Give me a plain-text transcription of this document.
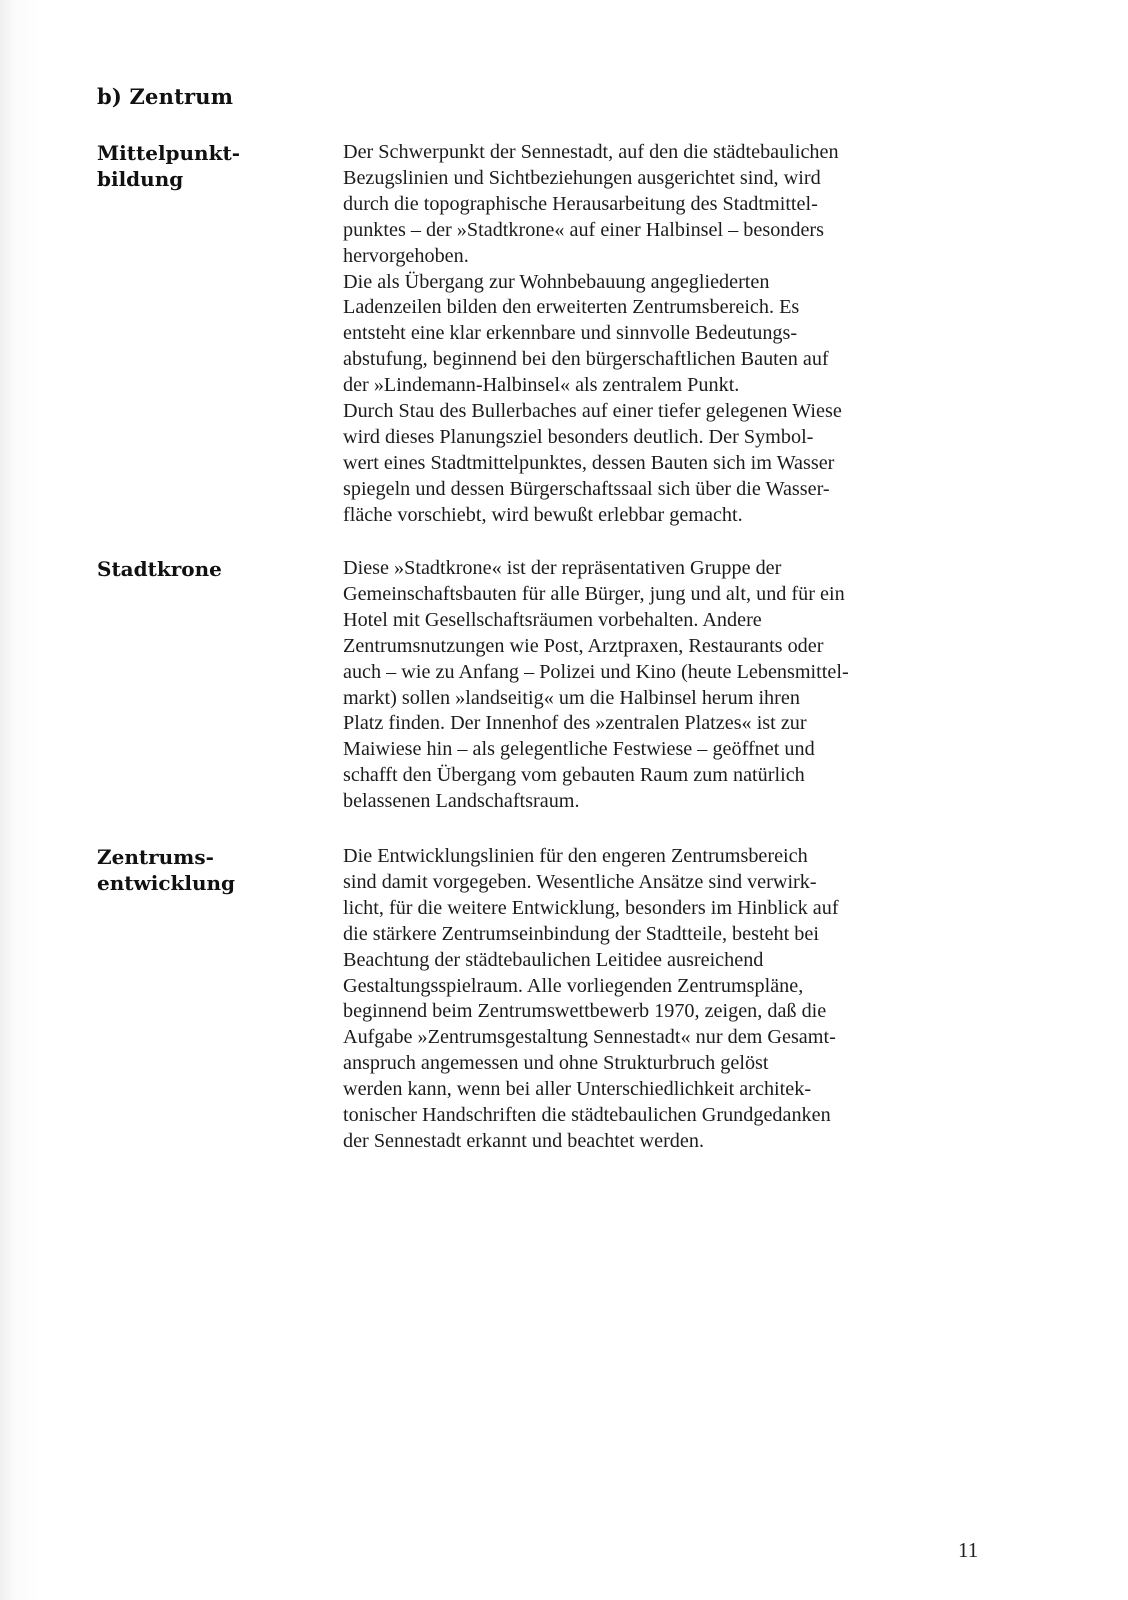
b) Zentrum
Mittelpunkt-
bildung

Der Schwerpunkt der Sennestadt, auf den die städtebaulichen
Bezugslinien und Sichtbeziehungen ausgerichtet sind, wird
durch die topographische Herausarbeitung des Stadtmittel-
punktes – der »Stadtkrone« auf einer Halbinsel – besonders
hervorgehoben.
Die als Übergang zur Wohnbebauung angegliederten
Ladenzeilen bilden den erweiterten Zentrumsbereich. Es
entsteht eine klar erkennbare und sinnvolle Bedeutungs-
abstufung, beginnend bei den bürgerschaftlichen Bauten auf
der »Lindemann-Halbinsel« als zentralem Punkt.
Durch Stau des Bullerbaches auf einer tiefer gelegenen Wiese
wird dieses Planungsziel besonders deutlich. Der Symbol-
wert eines Stadtmittelpunktes, dessen Bauten sich im Wasser
spiegeln und dessen Bürgerschaftssaal sich über die Wasser-
fläche vorschiebt, wird bewußt erlebbar gemacht.

Stadtkrone	Diese »Stadtkrone« ist der repräsentativen Gruppe der
Gemeinschaftsbauten für alle Bürger, jung und alt, und für ein
Hotel mit Gesellschaftsräumen vorbehalten. Andere
Zentrumsnutzungen wie Post, Arztpraxen, Restaurants oder
auch – wie zu Anfang – Polizei und Kino (heute Lebensmittel-
markt) sollen »landseitig« um die Halbinsel herum ihren
Platz finden. Der Innenhof des »zentralen Platzes« ist zur
Maiwiese hin – als gelegentliche Festwiese – geöffnet und
schafft den Übergang vom gebauten Raum zum natürlich
belassenen Landschaftsraum.

Zentrums-
entwicklung

Die Entwicklungslinien für den engeren Zentrumsbereich
sind damit vorgegeben. Wesentliche Ansätze sind verwirk-
licht, für die weitere Entwicklung, besonders im Hinblick auf
die stärkere Zentrumseinbindung der Stadtteile, besteht bei
Beachtung der städtebaulichen Leitidee ausreichend
Gestaltungsspielraum. Alle vorliegenden Zentrumspläne,
beginnend beim Zentrumswettbewerb 1970, zeigen, daß die
Aufgabe »Zentrumsgestaltung Sennestadt« nur dem Gesamt-
anspruch angemessen und ohne Strukturbruch gelöst
werden kann, wenn bei aller Unterschiedlichkeit architek-
tonischer Handschriften die städtebaulichen Grundgedanken
der Sennestadt erkannt und beachtet werden.

11
